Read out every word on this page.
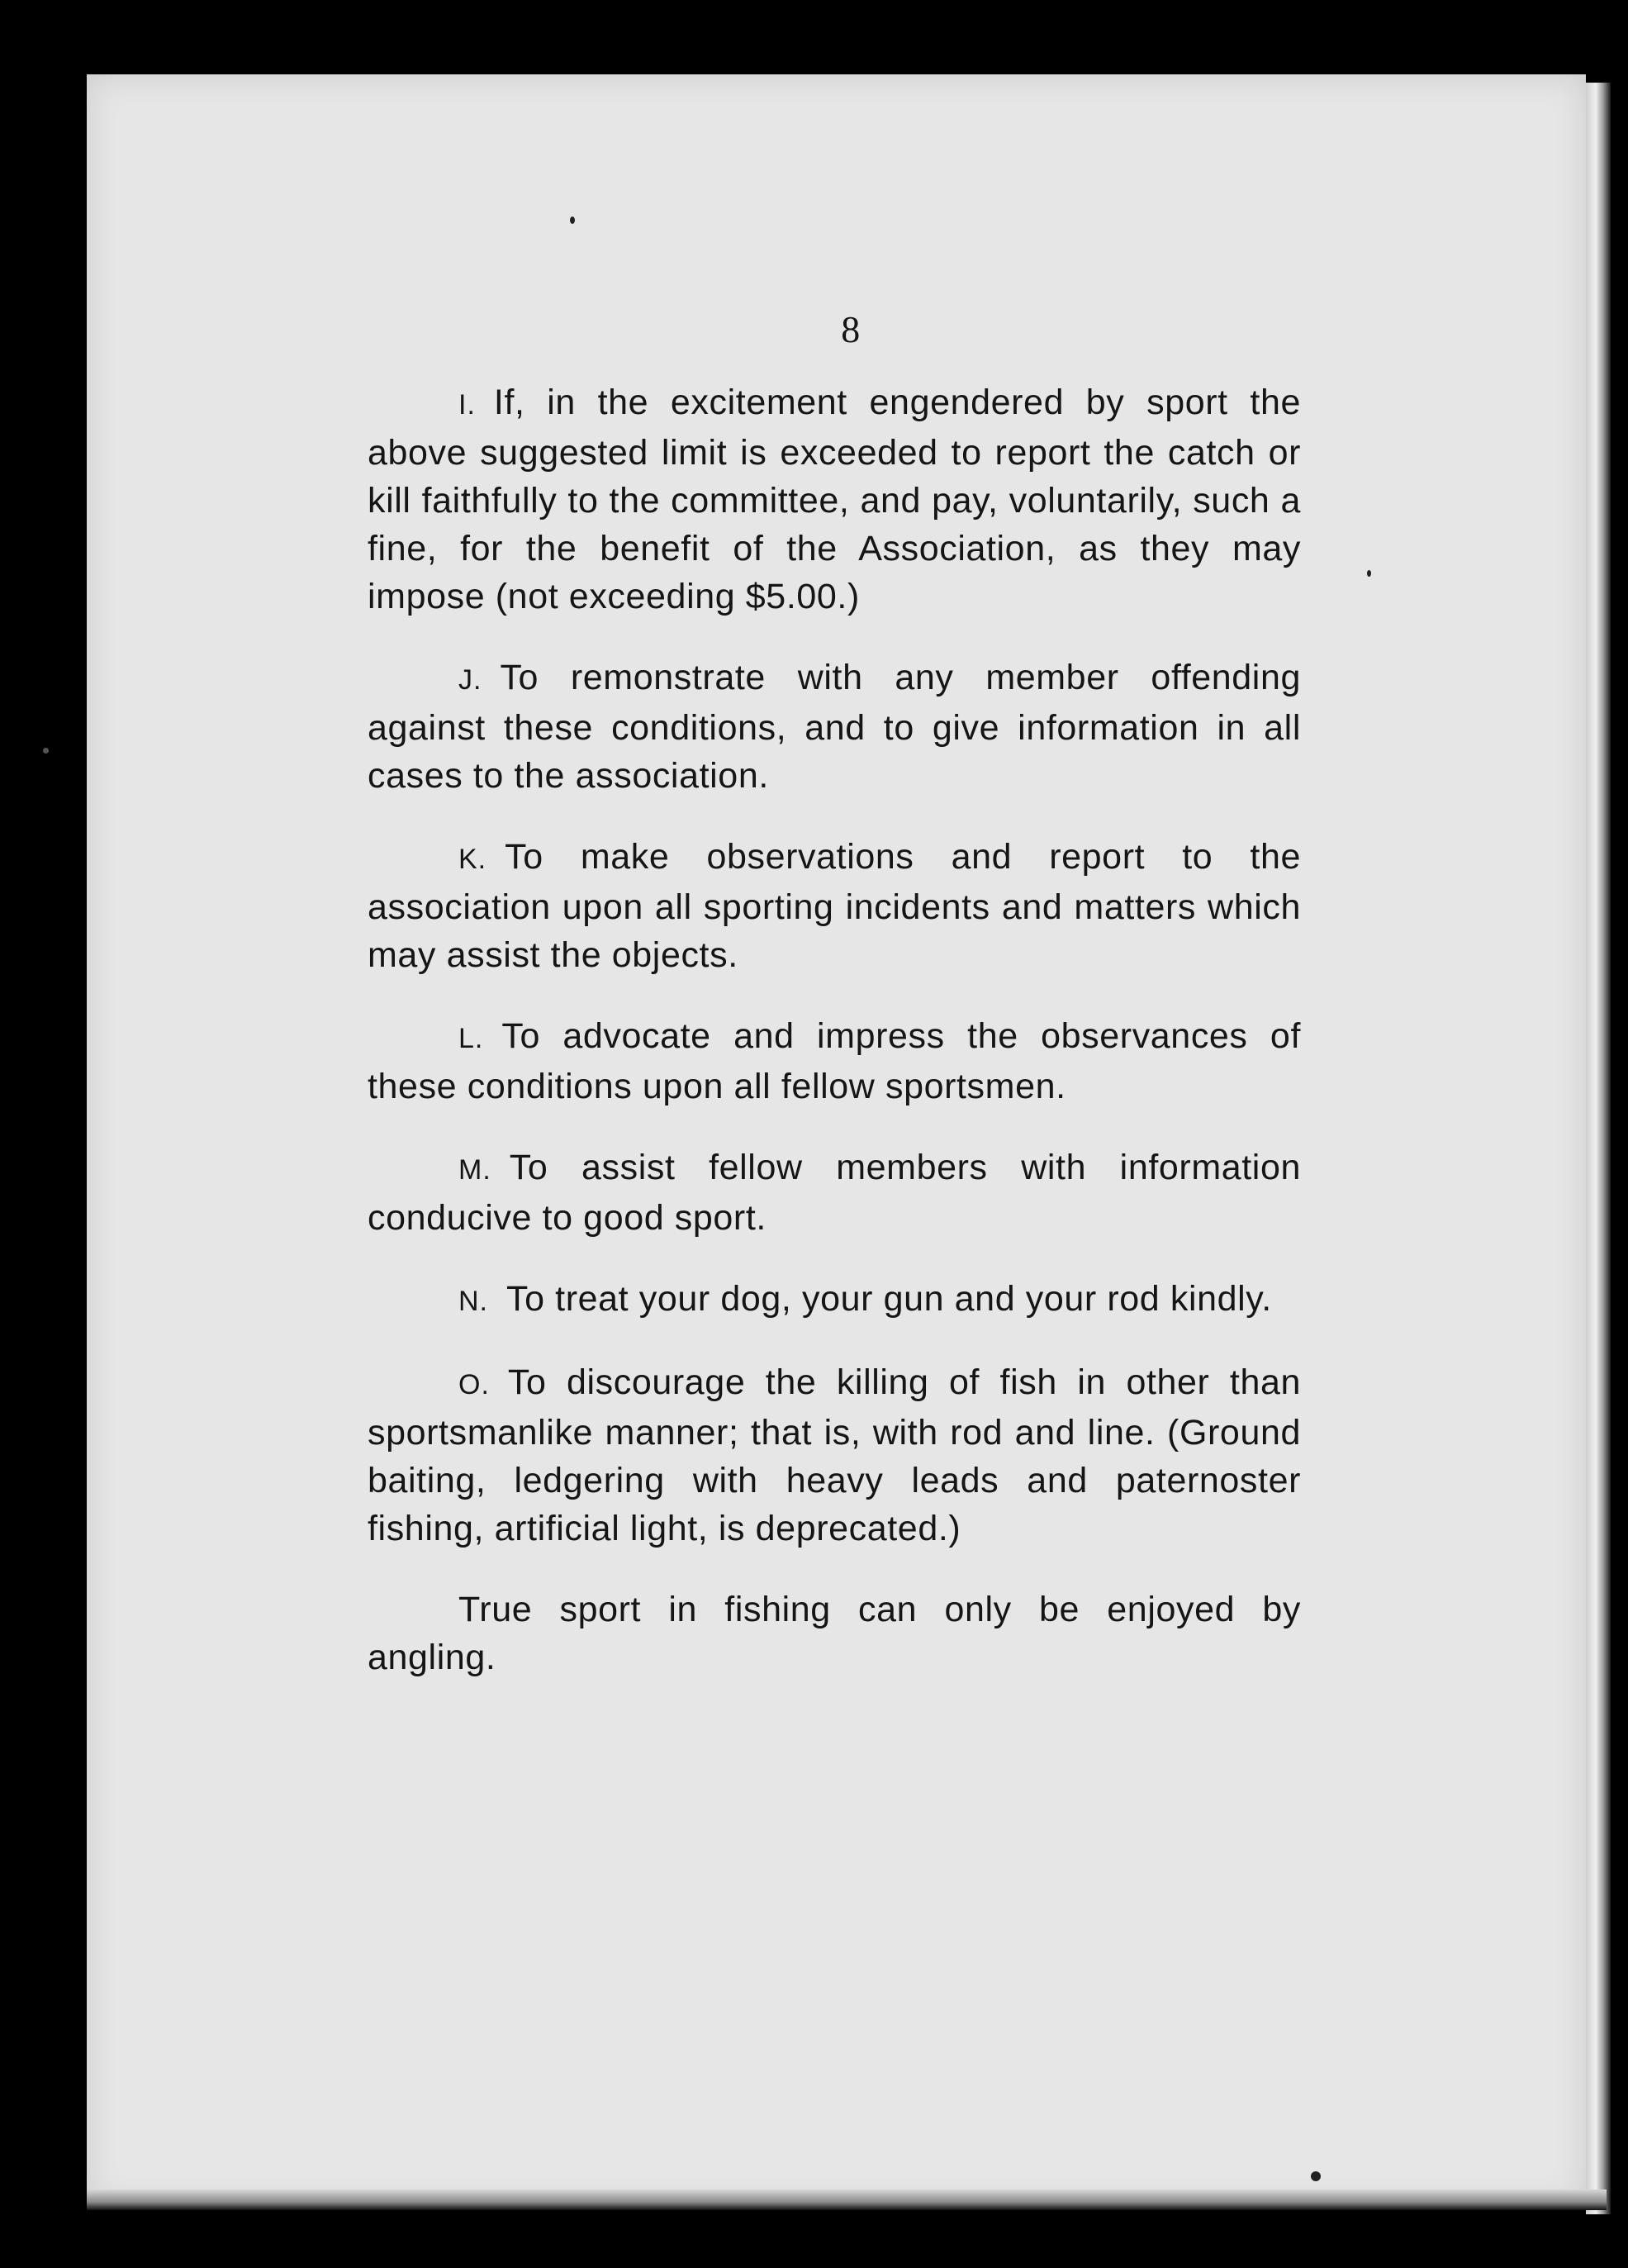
8

I. If, in the excitement engendered by sport the above suggested limit is exceeded to report the catch or kill faithfully to the committee, and pay, voluntarily, such a fine, for the benefit of the Association, as they may impose (not exceeding $5.00.)

J. To remonstrate with any member offending against these conditions, and to give information in all cases to the association.

K. To make observations and report to the association upon all sporting incidents and matters which may assist the objects.

L. To advocate and impress the observances of these conditions upon all fellow sportsmen.

M. To assist fellow members with information conducive to good sport.

N. To treat your dog, your gun and your rod kindly.

O. To discourage the killing of fish in other than sportsmanlike manner; that is, with rod and line. (Ground baiting, ledgering with heavy leads and paternoster fishing, artificial light, is deprecated.)

True sport in fishing can only be enjoyed by angling.
